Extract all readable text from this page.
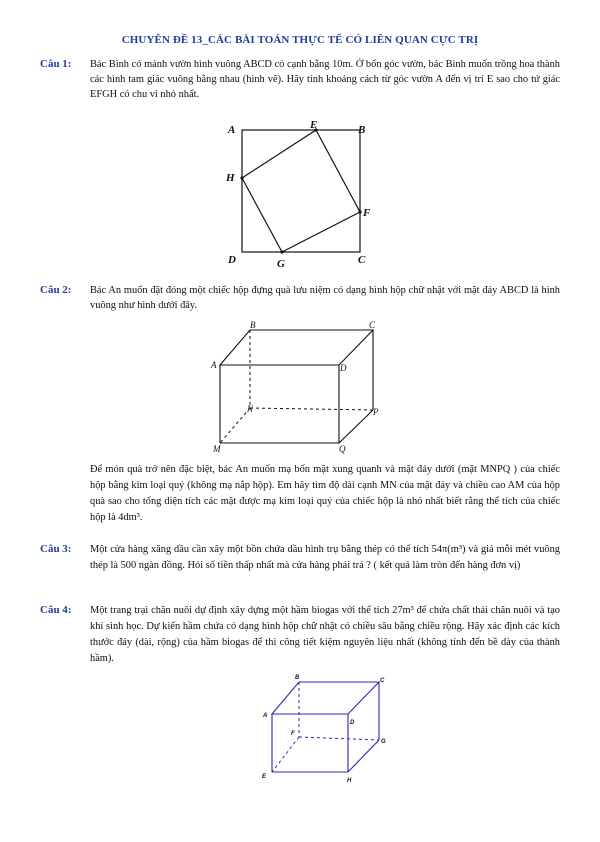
CHUYÊN ĐỀ 13_CÁC BÀI TOÁN THỰC TẾ CÓ LIÊN QUAN CỰC TRỊ
Câu 1: Bác Bình có mảnh vườn hình vuông ABCD có cạnh bằng 10m. Ở bốn góc vườn, bác Bình muốn trồng hoa thành các hình tam giác vuông bằng nhau (hình vẽ). Hãy tính khoảng cách từ góc vườn A đến vị trí E sao cho tứ giác EFGH có chu vi nhỏ nhất.
A	E	B
H
F
D	G	C
Câu 2: Bác An muốn đặt đóng một chiếc hộp đựng quà lưu niệm có dạng hình hộp chữ nhật với mặt đáy ABCD là hình vuông như hình dưới đây.
B	C
A	D
N	P
M	Q
Để món quà trở nên đặc biệt, bác An muốn mạ bốn mặt xung quanh và mặt đáy dưới (mặt MNPQ ) của chiếc hộp bằng kim loại quý (không mạ nắp hộp). Em hãy tìm độ dài cạnh MN của mặt đáy và chiều cao AM của hộp quà sao cho tổng diện tích các mặt được mạ kim loại quý của chiếc hộp là nhỏ nhất biết rằng thể tích của chiếc hộp là 4dm³.
Câu 3: Một cửa hàng xăng dầu cần xây một bồn chứa dầu hình trụ bằng thép có thể tích 54π(m³) và giá mỗi mét vuông thép là 500 ngàn đồng. Hỏi số tiền thấp nhất mà cửa hàng phải trả ? ( kết quả làm tròn đến hàng đơn vị)
Câu 4: Một trang trại chăn nuôi dự định xây dựng một hầm biogas với thể tích 27m³ để chứa chất thải chăn nuôi và tạo khí sinh học. Dự kiến hầm chứa có dạng hình hộp chữ nhật có chiều sâu bằng chiều rộng. Hãy xác định các kích thước đáy (dài, rộng) của hầm biogas để thi công tiết kiệm nguyên liệu nhất (không tính đến bề dày của thành hầm).
B	C
A
D
F
G
E
H
